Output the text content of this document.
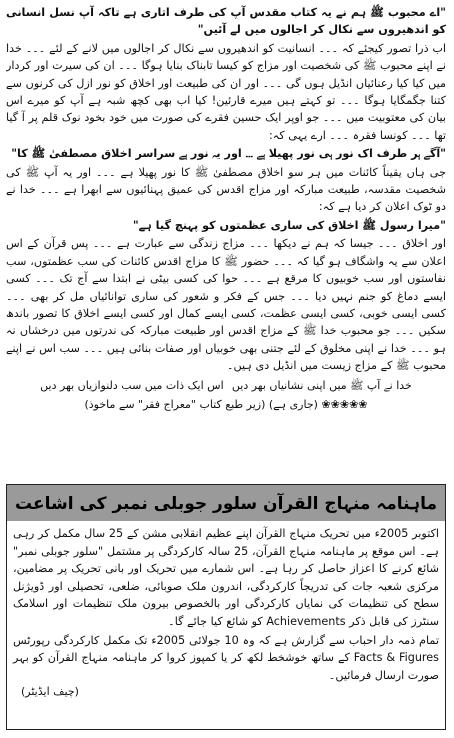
"اے محبوب ﷺ ہم نے یہ کتاب مقدس آپ کی طرف اتاری ہے تاکہ آپ نسل انسانی کو اندھیروں سے نکال کر اجالوں میں لے آئیں"

اب ذرا تصور کیجئے کہ ۔۔۔ انسانیت کو اندھیروں سے نکال کر اجالوں میں لانے کے لئے ۔۔۔ خدا نے اپنے محبوب ﷺ کی شخصیت اور مزاج کو کیسا تابناک بنایا ہوگا ۔۔۔ ان کی سیرت اور کردار میں کیا کیا رعنائیاں انڈیل ہوں گی ۔۔۔ اور ان کی طبیعت اور اخلاق کو نور ازل کی کرنوں سے کتنا جگمگایا ہوگا ۔۔۔ تو کہتے ہیں میرے قارئین! کیا اب بھی کچھ شبہ ہے آپ کو میرے اس بیان کی معتوبیت میں ۔۔۔ جو اوپر ایک حسین فقرے کی صورت میں خود بخود نوک قلم پر آ گیا تھا ۔۔۔ کونسا فقرہ ۔۔۔ ارے یہی کہ:

"آگے ہر طرف اک نور ہی نور پھیلا ہے ۔۔۔ اور یہ نور ہے سراسر اخلاق مصطفیٰ ﷺ کا"

جی ہاں یقیناً کائنات میں ہر سو اخلاق مصطفیٰ ﷺ کا نور پھیلا ہے ۔۔۔ اور یہ آپ ﷺ کی شخصیت مقدسہ، طبیعت مبارکہ اور مزاج اقدس کی عمیق پہنائیوں سے ابھرا ہے ۔۔۔ خدا نے دو ٹوک اعلان کر دیا ہے کہ:

"میرا رسول ﷺ اخلاق کی ساری عظمتوں کو پہنچ گیا ہے"

اور اخلاق ۔۔۔ جیسا کہ ہم نے دیکھا ۔۔۔ مزاج زندگی سے عبارت ہے ۔۔۔ پس قرآن کے اس اعلان سے یہ واشگاف ہو گیا کہ ۔۔۔ حضور ﷺ کا مزاج اقدس کائنات کی سب عظمتوں، سب نفاستوں اور سب خوبیوں کا مرقع ہے ۔۔۔ حوا کی کسی بیٹی نے ابتدا سے آج تک ۔۔۔ کسی ایسے دماغ کو جنم نہیں دیا ۔۔۔ جس کے فکر و شعور کی ساری توانائیاں مل کر بھی ۔۔۔ کسی ایسی خوبی، کسی ایسی عظمت، کسی ایسے کمال اور کسی ایسے اخلاق کا تصور باندھ سکیں ۔۔۔ جو محبوب خدا ﷺ کے مزاج اقدس اور طبیعت مبارکہ کی ندرتوں میں درخشاں نہ ہو ۔۔۔ خدا نے اپنی مخلوق کے لئے جتنی بھی خوبیاں اور صفات بنائی ہیں ۔۔۔ سب اس نے اپنے محبوب ﷺ کے مزاج زیست میں انڈیل دی ہیں۔

خدا نے آپ ﷺ میں اپنی نشانیاں بھر دیں
اس ایک ذات میں سب دلنوازیاں بھر دیں
❀❀❀❀❀ (جاری ہے) (زیر طبع کتاب "معراج فقر" سے ماخوذ)
ماہنامہ منہاج القرآن سلور جوبلی نمبر کی اشاعت

اکتوبر 2005ء میں تحریک منہاج القرآن اپنے عظیم انقلابی مشن کے 25 سال مکمل کر رہی ہے۔ اس موقع پر ماہنامہ منہاج القرآن، 25 سالہ کارکردگی پر مشتمل "سلور جوبلی نمبر" شائع کرنے کا اعزاز حاصل کر رہا ہے۔ اس شمارے میں تحریک اور بانی تحریک پر مضامین، مرکزی شعبہ جات کی تدریجاً کارکردگی، اندرون ملک صوبائی، ضلعی، تحصیلی اور ڈویژنل سطح کی تنظیمات کی نمایاں کارکردگی اور بالخصوص بیرون ملک تنظیمات اور اسلامک سنٹرز کی قابل ذکر Achievements کو شائع کیا جائے گا۔

تمام ذمہ دار احباب سے گزارش ہے کہ وہ 10 جولائی 2005ء تک مکمل کارکردگی رپورٹس Facts & Figures کے ساتھ خوشخط لکھ کر یا کمپوز کروا کر ماہنامہ منہاج القرآن کو بہر صورت ارسال فرمائیں۔

(چیف ایڈیٹر)
